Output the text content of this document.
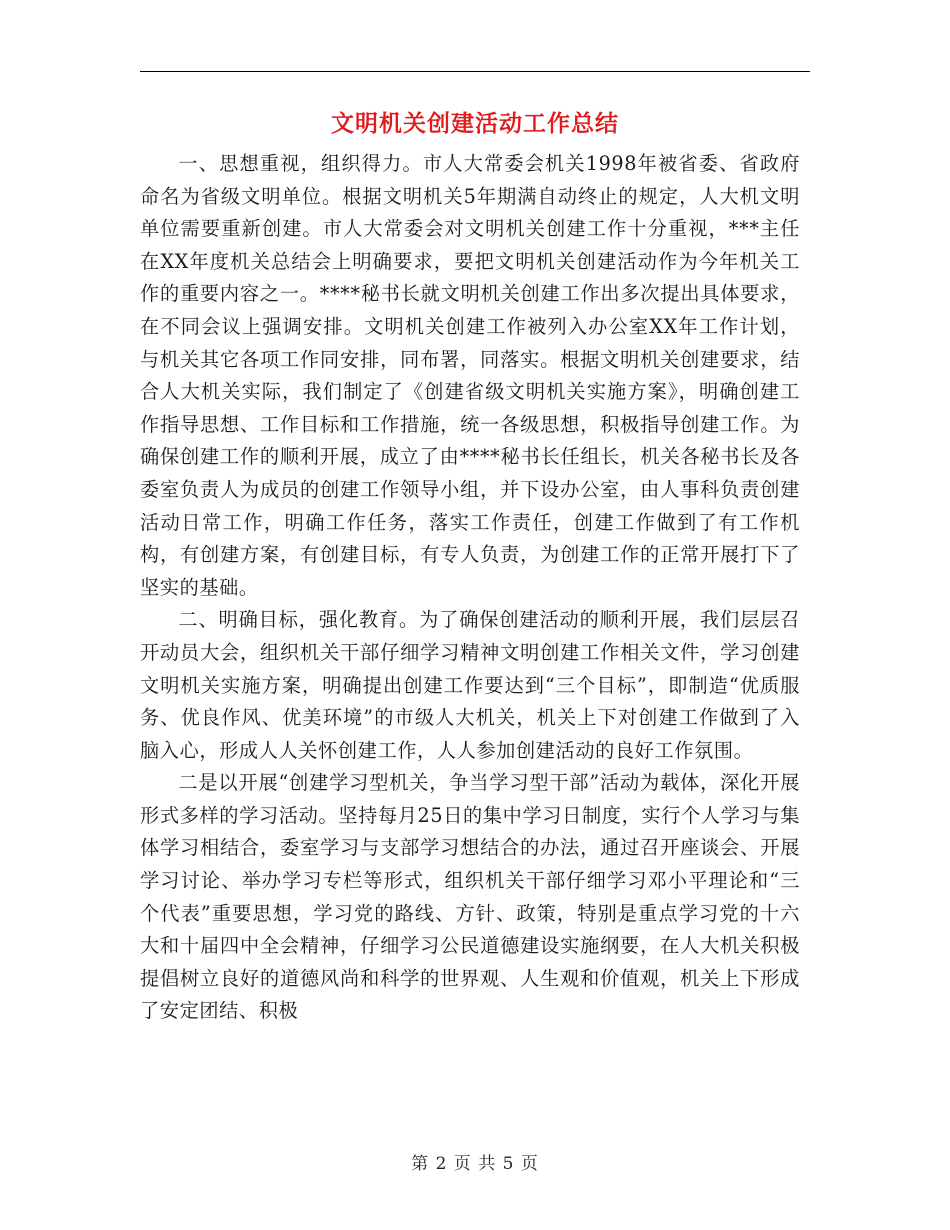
文明机关创建活动工作总结

一、思想重视，组织得力。市人大常委会机关1998年被省委、省政府命名为省级文明单位。根据文明机关5年期满自动终止的规定，人大机文明单位需要重新创建。市人大常委会对文明机关创建工作十分重视，***主任在XX年度机关总结会上明确要求，要把文明机关创建活动作为今年机关工作的重要内容之一。****秘书长就文明机关创建工作出多次提出具体要求，在不同会议上强调安排。文明机关创建工作被列入办公室XX年工作计划，与机关其它各项工作同安排，同布署，同落实。根据文明机关创建要求，结合人大机关实际，我们制定了《创建省级文明机关实施方案》，明确创建工作指导思想、工作目标和工作措施，统一各级思想，积极指导创建工作。为确保创建工作的顺利开展，成立了由****秘书长任组长，机关各秘书长及各委室负责人为成员的创建工作领导小组，并下设办公室，由人事科负责创建活动日常工作，明确工作任务，落实工作责任，创建工作做到了有工作机构，有创建方案，有创建目标，有专人负责，为创建工作的正常开展打下了坚实的基础。

二、明确目标，强化教育。为了确保创建活动的顺利开展，我们层层召开动员大会，组织机关干部仔细学习精神文明创建工作相关文件，学习创建文明机关实施方案，明确提出创建工作要达到“三个目标”，即制造“优质服务、优良作风、优美环境”的市级人大机关，机关上下对创建工作做到了入脑入心，形成人人关怀创建工作，人人参加创建活动的良好工作氛围。

二是以开展“创建学习型机关，争当学习型干部”活动为载体，深化开展形式多样的学习活动。坚持每月25日的集中学习日制度，实行个人学习与集体学习相结合，委室学习与支部学习想结合的办法，通过召开座谈会、开展学习讨论、举办学习专栏等形式，组织机关干部仔细学习邓小平理论和“三个代表”重要思想，学习党的路线、方针、政策，特别是重点学习党的十六大和十届四中全会精神，仔细学习公民道德建设实施纲要，在人大机关积极提倡树立良好的道德风尚和科学的世界观、人生观和价值观，机关上下形成了安定团结、积极

第 2 页 共 5 页
